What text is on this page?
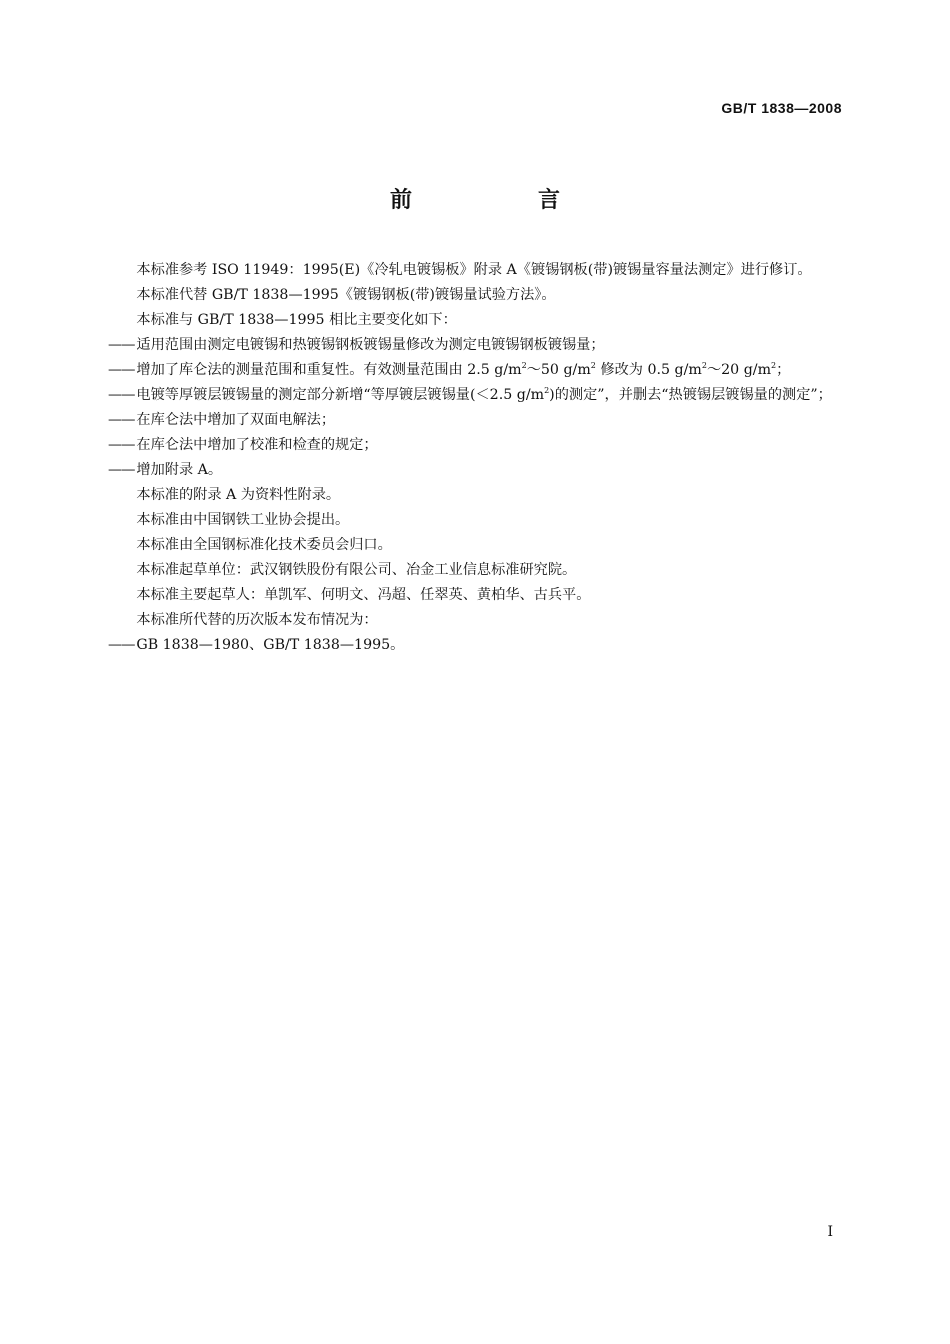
GB/T 1838—2008
前　言

本标准参考 ISO 11949：1995(E)《冷轧电镀锡板》附录 A《镀锡钢板(带)镀锡量容量法测定》进行修订。

本标准代替 GB/T 1838—1995《镀锡钢板(带)镀锡量试验方法》。

本标准与 GB/T 1838—1995 相比主要变化如下：

—— 适用范围由测定电镀锡和热镀锡钢板镀锡量修改为测定电镀锡钢板镀锡量；

—— 增加了库仑法的测量范围和重复性。有效测量范围由 2.5 $g/m^2\sim 50$ $g/m^2$ 修改为 0.5 $g/m^2\sim 20$ $g/m^2$；

—— 电镀等厚镀层镀锡量的测定部分新增“等厚镀层镀锡量(＜2.5 $g/m^2$)的测定”，并删去“热镀锡层镀锡量的测定”；

—— 在库仑法中增加了双面电解法；

—— 在库仑法中增加了校准和检查的规定；

—— 增加附录 A。

本标准的附录 A 为资料性附录。

本标准由中国钢铁工业协会提出。

本标准由全国钢标准化技术委员会归口。

本标准起草单位：武汉钢铁股份有限公司、冶金工业信息标准研究院。

本标准主要起草人：单凯军、何明文、冯超、任翠英、黄柏华、古兵平。

本标准所代替的历次版本发布情况为：

—— GB 1838—1980、GB/T 1838—1995。

I
